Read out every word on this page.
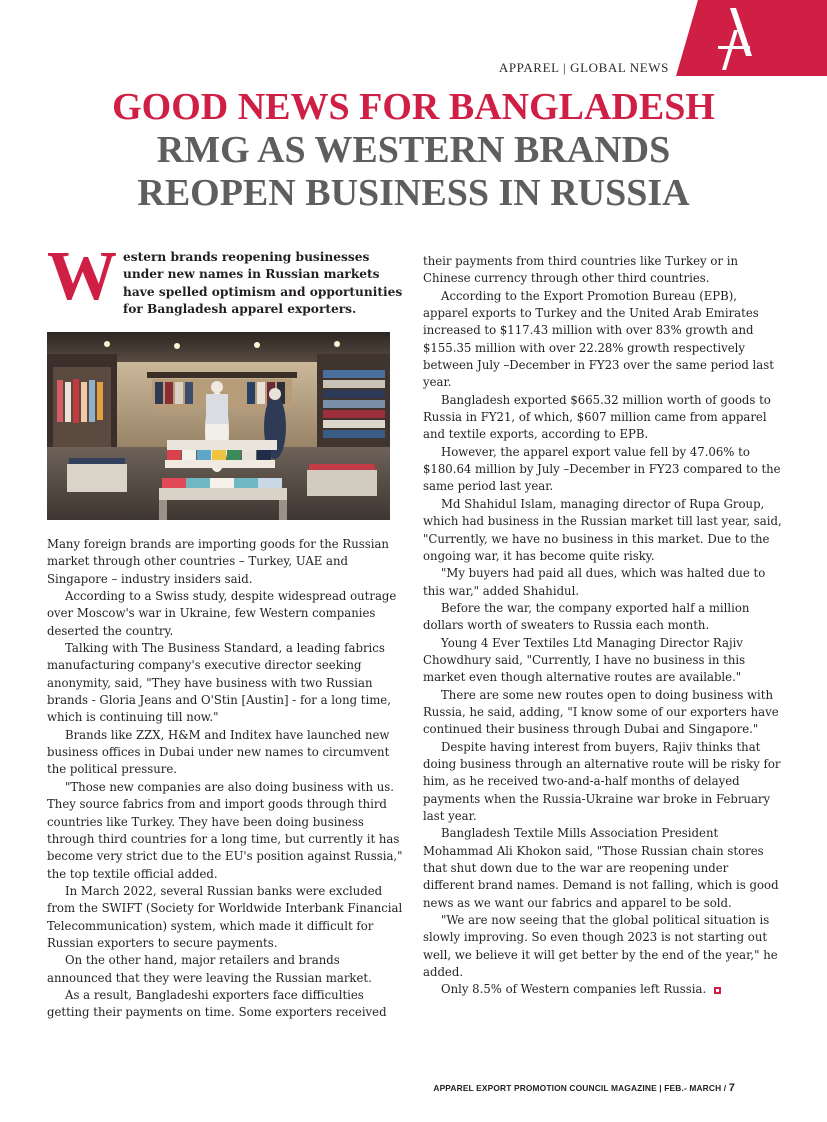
APPAREL | GLOBAL NEWS
GOOD NEWS FOR BANGLADESH
RMG AS WESTERN BRANDS
REOPEN BUSINESS IN RUSSIA
Western brands reopening businesses under new names in Russian markets have spelled optimism and opportunities for Bangladesh apparel exporters.

Many foreign brands are importing goods for the Russian market through other countries – Turkey, UAE and Singapore – industry insiders said.

According to a Swiss study, despite widespread outrage over Moscow's war in Ukraine, few Western companies deserted the country.

Talking with The Business Standard, a leading fabrics manufacturing company's executive director seeking anonymity, said, "They have business with two Russian brands - Gloria Jeans and O'Stin [Austin] - for a long time, which is continuing till now."

Brands like ZZX, H&M and Inditex have launched new business offices in Dubai under new names to circumvent the political pressure.

"Those new companies are also doing business with us. They source fabrics from and import goods through third countries like Turkey. They have been doing business through third countries for a long time, but currently it has become very strict due to the EU's position against Russia," the top textile official added.

In March 2022, several Russian banks were excluded from the SWIFT (Society for Worldwide Interbank Financial Telecommunication) system, which made it difficult for Russian exporters to secure payments.

On the other hand, major retailers and brands announced that they were leaving the Russian market.

As a result, Bangladeshi exporters face difficulties getting their payments on time. Some exporters received

their payments from third countries like Turkey or in Chinese currency through other third countries.

According to the Export Promotion Bureau (EPB), apparel exports to Turkey and the United Arab Emirates increased to $117.43 million with over 83% growth and $155.35 million with over 22.28% growth respectively between July –December in FY23 over the same period last year.

Bangladesh exported $665.32 million worth of goods to Russia in FY21, of which, $607 million came from apparel and textile exports, according to EPB.

However, the apparel export value fell by 47.06% to $180.64 million by July –December in FY23 compared to the same period last year.

Md Shahidul Islam, managing director of Rupa Group, which had business in the Russian market till last year, said, "Currently, we have no business in this market. Due to the ongoing war, it has become quite risky.

"My buyers had paid all dues, which was halted due to this war," added Shahidul.

Before the war, the company exported half a million dollars worth of sweaters to Russia each month.

Young 4 Ever Textiles Ltd Managing Director Rajiv Chowdhury said, "Currently, I have no business in this market even though alternative routes are available."

There are some new routes open to doing business with Russia, he said, adding, "I know some of our exporters have continued their business through Dubai and Singapore."

Despite having interest from buyers, Rajiv thinks that doing business through an alternative route will be risky for him, as he received two-and-a-half months of delayed payments when the Russia-Ukraine war broke in February last year.

Bangladesh Textile Mills Association President Mohammad Ali Khokon said, "Those Russian chain stores that shut down due to the war are reopening under different brand names. Demand is not falling, which is good news as we want our fabrics and apparel to be sold.

"We are now seeing that the global political situation is slowly improving. So even though 2023 is not starting out well, we believe it will get better by the end of the year," he added.

Only 8.5% of Western companies left Russia.

APPAREL EXPORT PROMOTION COUNCIL MAGAZINE | FEB.- MARCH / 7
